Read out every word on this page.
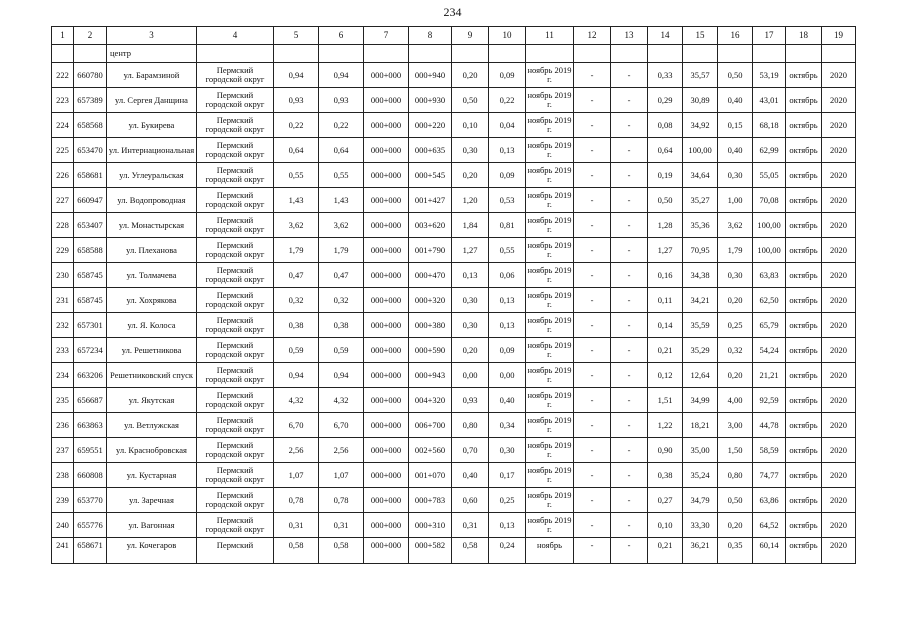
234
1	2	3	4	5	6	7	8	9	10	11	12	13	14	15	16	17	18	19
		центр																
222	660780	ул. Барамзиной	Пермский городской округ	0,94	0,94	000+000	000+940	0,20	0,09	ноябрь 2019 г.	-	-	0,33	35,57	0,50	53,19	октябрь	2020
223	657389	ул. Сергея Данщина	Пермский городской округ	0,93	0,93	000+000	000+930	0,50	0,22	ноябрь 2019 г.	-	-	0,29	30,89	0,40	43,01	октябрь	2020
224	658568	ул. Букирева	Пермский городской округ	0,22	0,22	000+000	000+220	0,10	0,04	ноябрь 2019 г.	-	-	0,08	34,92	0,15	68,18	октябрь	2020
225	653470	ул. Интернациональная	Пермский городской округ	0,64	0,64	000+000	000+635	0,30	0,13	ноябрь 2019 г.	-	-	0,64	100,00	0,40	62,99	октябрь	2020
226	658681	ул. Углеуральская	Пермский городской округ	0,55	0,55	000+000	000+545	0,20	0,09	ноябрь 2019 г.	-	-	0,19	34,64	0,30	55,05	октябрь	2020
227	660947	ул. Водопроводная	Пермский городской округ	1,43	1,43	000+000	001+427	1,20	0,53	ноябрь 2019 г.	-	-	0,50	35,27	1,00	70,08	октябрь	2020
228	653407	ул. Монастырская	Пермский городской округ	3,62	3,62	000+000	003+620	1,84	0,81	ноябрь 2019 г.	-	-	1,28	35,36	3,62	100,00	октябрь	2020
229	658588	ул. Плеханова	Пермский городской округ	1,79	1,79	000+000	001+790	1,27	0,55	ноябрь 2019 г.	-	-	1,27	70,95	1,79	100,00	октябрь	2020
230	658745	ул. Толмачева	Пермский городской округ	0,47	0,47	000+000	000+470	0,13	0,06	ноябрь 2019 г.	-	-	0,16	34,38	0,30	63,83	октябрь	2020
231	658745	ул. Хохрякова	Пермский городской округ	0,32	0,32	000+000	000+320	0,30	0,13	ноябрь 2019 г.	-	-	0,11	34,21	0,20	62,50	октябрь	2020
232	657301	ул. Я. Колоса	Пермский городской округ	0,38	0,38	000+000	000+380	0,30	0,13	ноябрь 2019 г.	-	-	0,14	35,59	0,25	65,79	октябрь	2020
233	657234	ул. Решетникова	Пермский городской округ	0,59	0,59	000+000	000+590	0,20	0,09	ноябрь 2019 г.	-	-	0,21	35,29	0,32	54,24	октябрь	2020
234	663206	Решетниковский спуск	Пермский городской округ	0,94	0,94	000+000	000+943	0,00	0,00	ноябрь 2019 г.	-	-	0,12	12,64	0,20	21,21	октябрь	2020
235	656687	ул. Якутская	Пермский городской округ	4,32	4,32	000+000	004+320	0,93	0,40	ноябрь 2019 г.	-	-	1,51	34,99	4,00	92,59	октябрь	2020
236	663863	ул. Ветлужская	Пермский городской округ	6,70	6,70	000+000	006+700	0,80	0,34	ноябрь 2019 г.	-	-	1,22	18,21	3,00	44,78	октябрь	2020
237	659551	ул. Краснобровская	Пермский городской округ	2,56	2,56	000+000	002+560	0,70	0,30	ноябрь 2019 г.	-	-	0,90	35,00	1,50	58,59	октябрь	2020
238	660808	ул. Кустарная	Пермский городской округ	1,07	1,07	000+000	001+070	0,40	0,17	ноябрь 2019 г.	-	-	0,38	35,24	0,80	74,77	октябрь	2020
239	653770	ул. Заречная	Пермский городской округ	0,78	0,78	000+000	000+783	0,60	0,25	ноябрь 2019 г.	-	-	0,27	34,79	0,50	63,86	октябрь	2020
240	655776	ул. Вагонная	Пермский городской округ	0,31	0,31	000+000	000+310	0,31	0,13	ноябрь 2019 г.	-	-	0,10	33,30	0,20	64,52	октябрь	2020
241	658671	ул. Кочегаров	Пермский	0,58	0,58	000+000	000+582	0,58	0,24	ноябрь	-	-	0,21	36,21	0,35	60,14	октябрь	2020
